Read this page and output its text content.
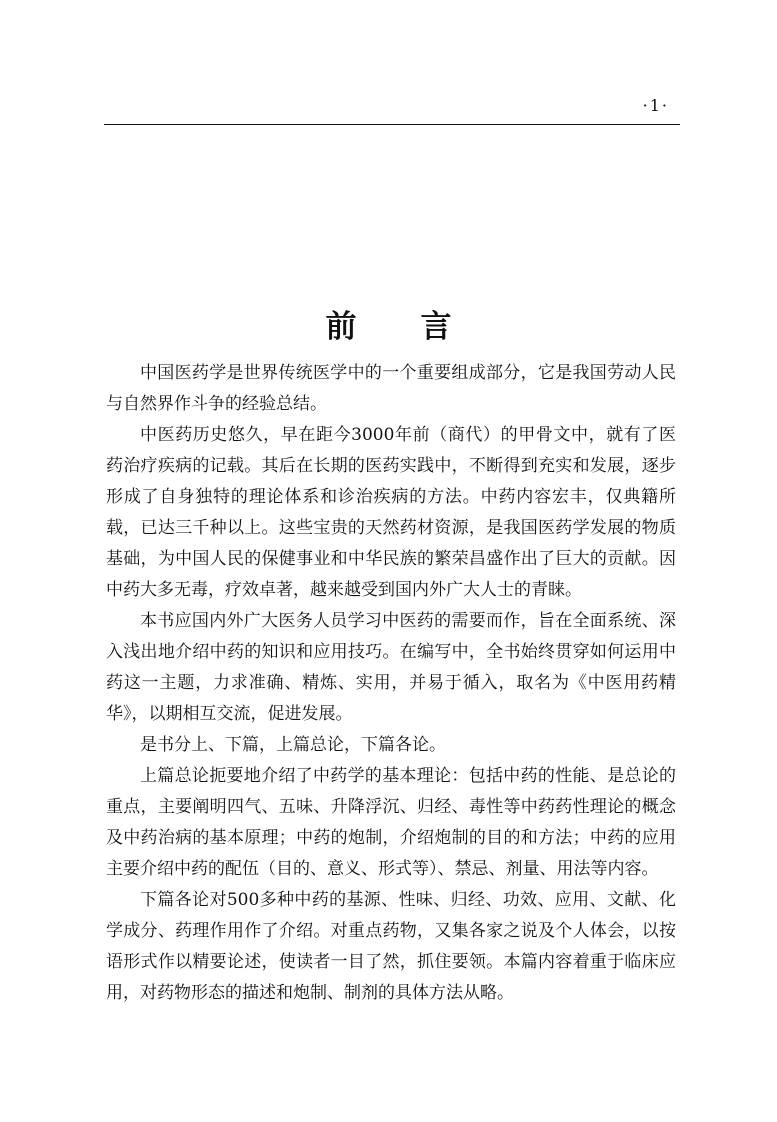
·1·
前言

中国医药学是世界传统医学中的一个重要组成部分，它是我国劳动人民与自然界作斗争的经验总结。

中医药历史悠久，早在距今3000年前（商代）的甲骨文中，就有了医药治疗疾病的记载。其后在长期的医药实践中，不断得到充实和发展，逐步形成了自身独特的理论体系和诊治疾病的方法。中药内容宏丰，仅典籍所载，已达三千种以上。这些宝贵的天然药材资源，是我国医药学发展的物质基础，为中国人民的保健事业和中华民族的繁荣昌盛作出了巨大的贡献。因中药大多无毒，疗效卓著，越来越受到国内外广大人士的青睐。

本书应国内外广大医务人员学习中医药的需要而作，旨在全面系统、深入浅出地介绍中药的知识和应用技巧。在编写中，全书始终贯穿如何运用中药这一主题，力求准确、精炼、实用，并易于循入，取名为《中医用药精华》，以期相互交流，促进发展。

是书分上、下篇，上篇总论，下篇各论。

上篇总论扼要地介绍了中药学的基本理论：包括中药的性能、是总论的重点，主要阐明四气、五味、升降浮沉、归经、毒性等中药药性理论的概念及中药治病的基本原理；中药的炮制，介绍炮制的目的和方法；中药的应用主要介绍中药的配伍（目的、意义、形式等）、禁忌、剂量、用法等内容。

下篇各论对500多种中药的基源、性味、归经、功效、应用、文献、化学成分、药理作用作了介绍。对重点药物，又集各家之说及个人体会，以按语形式作以精要论述，使读者一目了然，抓住要领。本篇内容着重于临床应用，对药物形态的描述和炮制、制剂的具体方法从略。
